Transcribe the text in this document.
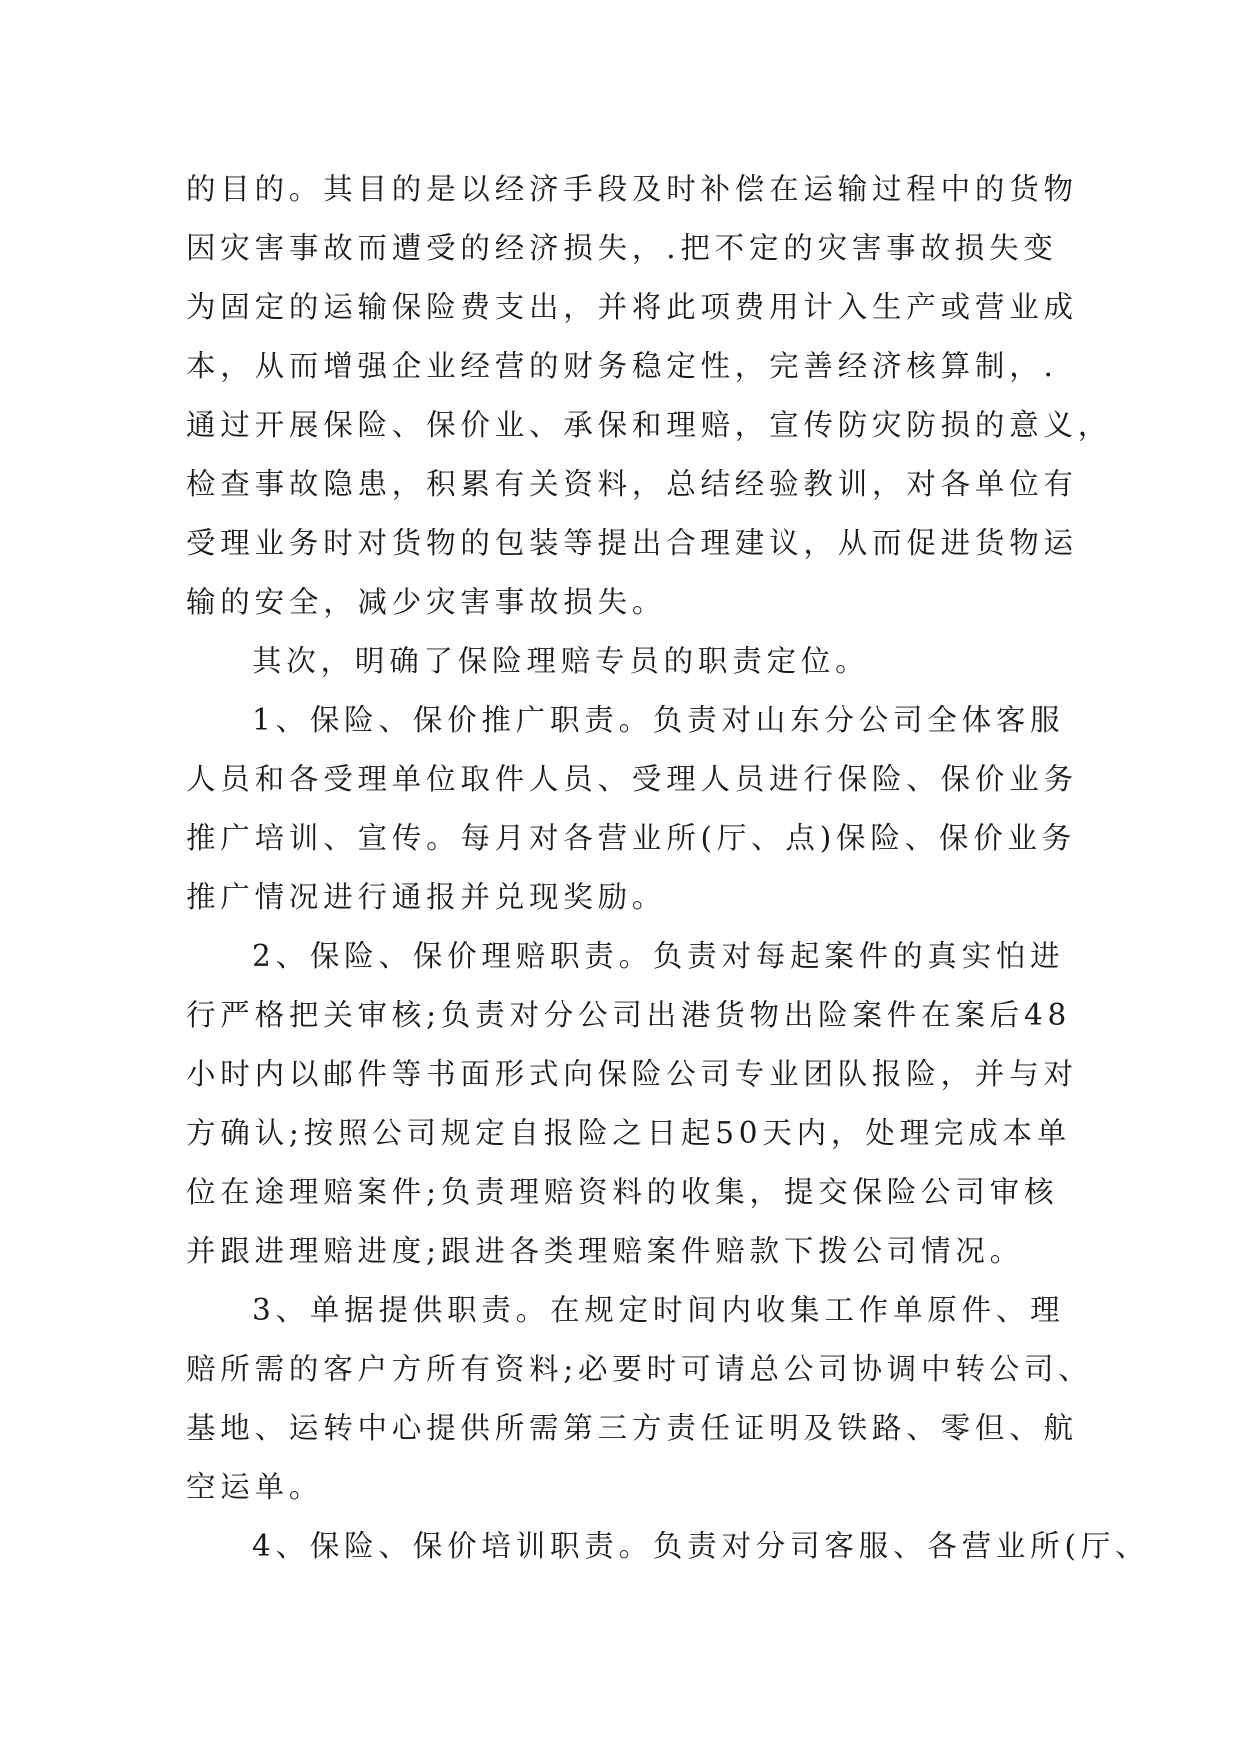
的目的。其目的是以经济手段及时补偿在运输过程中的货物
因灾害事故而遭受的经济损失，.把不定的灾害事故损失变
为固定的运输保险费支出，并将此项费用计入生产或营业成
本，从而增强企业经营的财务稳定性，完善经济核算制，.
通过开展保险、保价业、承保和理赔，宣传防灾防损的意义，
检查事故隐患，积累有关资料，总结经验教训，对各单位有
受理业务时对货物的包装等提出合理建议，从而促进货物运
输的安全，减少灾害事故损失。
其次，明确了保险理赔专员的职责定位。
1、保险、保价推广职责。负责对山东分公司全体客服
人员和各受理单位取件人员、受理人员进行保险、保价业务
推广培训、宣传。每月对各营业所(厅、点)保险、保价业务
推广情况进行通报并兑现奖励。
2、保险、保价理赔职责。负责对每起案件的真实怕进
行严格把关审核;负责对分公司出港货物出险案件在案后48
小时内以邮件等书面形式向保险公司专业团队报险，并与对
方确认;按照公司规定自报险之日起50天内，处理完成本单
位在途理赔案件;负责理赔资料的收集，提交保险公司审核
并跟进理赔进度;跟进各类理赔案件赔款下拨公司情况。
3、单据提供职责。在规定时间内收集工作单原件、理
赔所需的客户方所有资料;必要时可请总公司协调中转公司、
基地、运转中心提供所需第三方责任证明及铁路、零但、航
空运单。
4、保险、保价培训职责。负责对分司客服、各营业所(厅、
